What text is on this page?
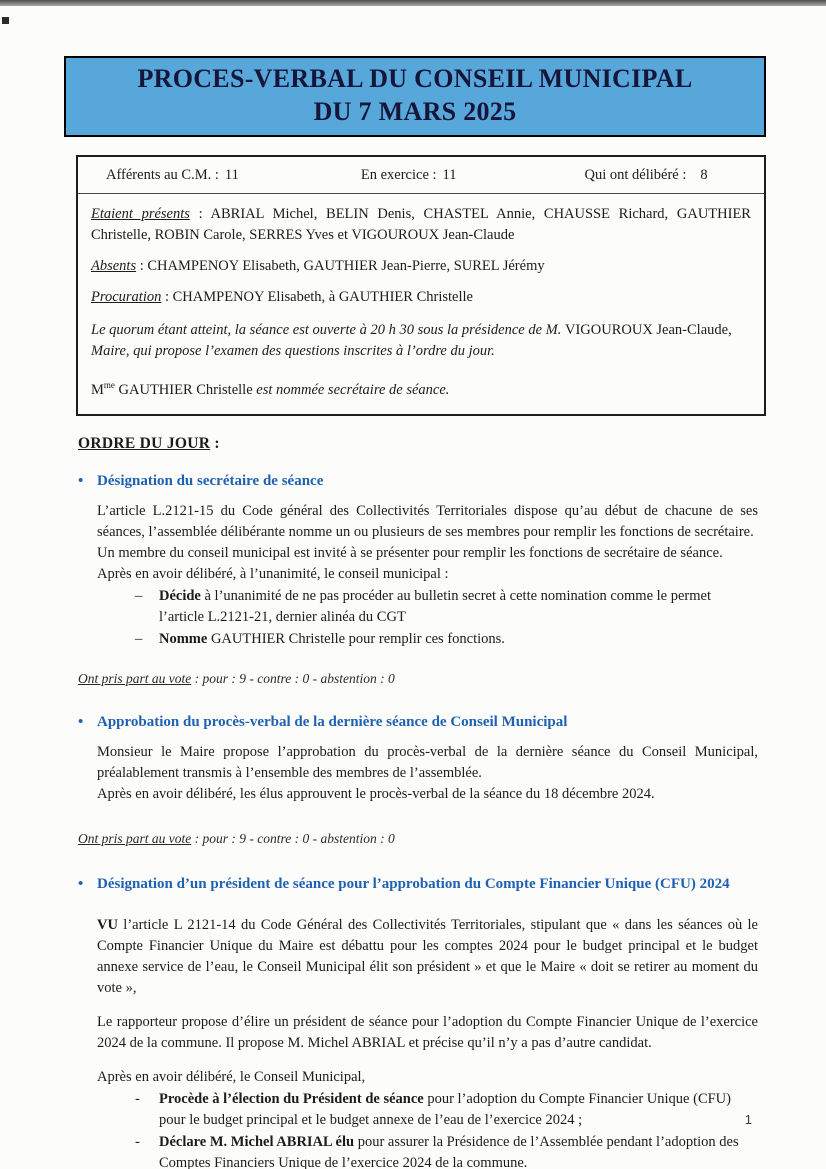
PROCES-VERBAL DU CONSEIL MUNICIPAL
DU 7 MARS 2025
Afférents au C.M. : 11	En exercice : 11	Qui ont délibéré : 8
Etaient présents : ABRIAL Michel, BELIN Denis, CHASTEL Annie, CHAUSSE Richard, GAUTHIER Christelle, ROBIN Carole, SERRES Yves et VIGOUROUX Jean-Claude
Absents : CHAMPENOY Elisabeth, GAUTHIER Jean-Pierre, SUREL Jérémy
Procuration : CHAMPENOY Elisabeth, à GAUTHIER Christelle
Le quorum étant atteint, la séance est ouverte à 20 h 30 sous la présidence de M. VIGOUROUX Jean-Claude, Maire, qui propose l’examen des questions inscrites à l’ordre du jour.
$M^{me}$ GAUTHIER Christelle est nommée secrétaire de séance.
ORDRE DU JOUR :
• Désignation du secrétaire de séance
L’article L.2121-15 du Code général des Collectivités Territoriales dispose qu’au début de chacune de ses séances, l’assemblée délibérante nomme un ou plusieurs de ses membres pour remplir les fonctions de secrétaire.
Un membre du conseil municipal est invité à se présenter pour remplir les fonctions de secrétaire de séance.
Après en avoir délibéré, à l’unanimité, le conseil municipal :
–	Décide à l’unanimité de ne pas procéder au bulletin secret à cette nomination comme le permet l’article L.2121-21, dernier alinéa du CGT
–	Nomme GAUTHIER Christelle pour remplir ces fonctions.
Ont pris part au vote : pour : 9 - contre : 0 - abstention : 0
• Approbation du procès-verbal de la dernière séance de Conseil Municipal
Monsieur le Maire propose l’approbation du procès-verbal de la dernière séance du Conseil Municipal, préalablement transmis à l’ensemble des membres de l’assemblée.
Après en avoir délibéré, les élus approuvent le procès-verbal de la séance du 18 décembre 2024.
Ont pris part au vote : pour : 9 - contre : 0 - abstention : 0
• Désignation d’un président de séance pour l’approbation du Compte Financier Unique (CFU) 2024
VU l’article L 2121-14 du Code Général des Collectivités Territoriales, stipulant que « dans les séances où le Compte Financier Unique du Maire est débattu pour les comptes 2024 pour le budget principal et le budget annexe service de l’eau, le Conseil Municipal élit son président » et que le Maire « doit se retirer au moment du vote »,
Le rapporteur propose d’élire un président de séance pour l’adoption du Compte Financier Unique de l’exercice 2024 de la commune. Il propose M. Michel ABRIAL et précise qu’il n’y a pas d’autre candidat.
Après en avoir délibéré, le Conseil Municipal,
-	Procède à l’élection du Président de séance pour l’adoption du Compte Financier Unique (CFU) pour le budget principal et le budget annexe de l’eau de l’exercice 2024 ;
-	Déclare M. Michel ABRIAL élu pour assurer la Présidence de l’Assemblée pendant l’adoption des Comptes Financiers Unique de l’exercice 2024 de la commune.
1
